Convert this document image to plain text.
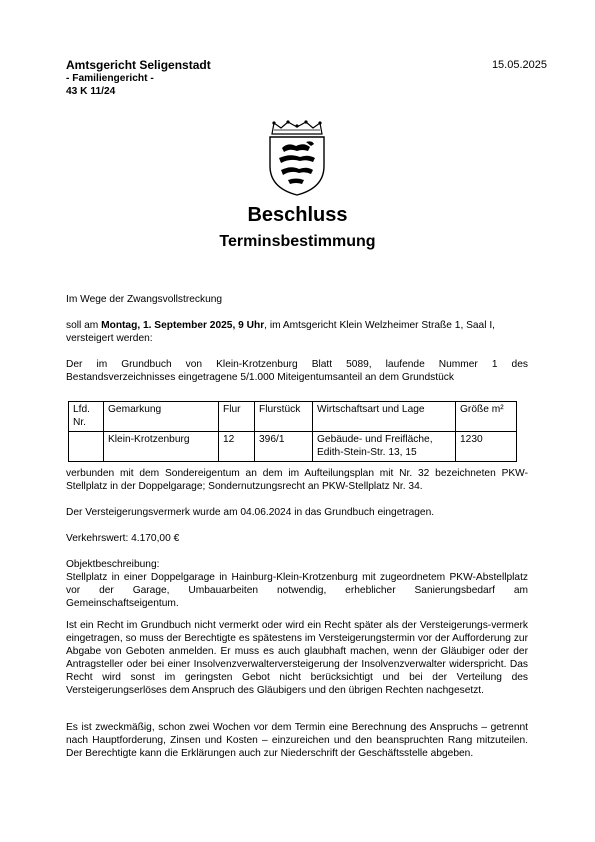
Amtsgericht Seligenstadt
- Familiengericht -
43 K 11/24
15.05.2025
Beschluss
Terminsbestimmung
Im Wege der Zwangsvollstreckung
soll am Montag, 1. September 2025, 9 Uhr, im Amtsgericht Klein Welzheimer Straße 1, Saal I, versteigert werden:
Der im Grundbuch von Klein-Krotzenburg Blatt 5089, laufende Nummer 1 des Bestandsverzeichnisses eingetragene 5/1.000 Miteigentumsanteil an dem Grundstück
Lfd. Nr.	Gemarkung	Flur	Flurstück	Wirtschaftsart und Lage	Größe m²
	Klein-Krotzenburg	12	396/1	Gebäude- und Freifläche, Edith-Stein-Str. 13, 15	1230
verbunden mit dem Sondereigentum an dem im Aufteilungsplan mit Nr. 32 bezeichneten PKW-Stellplatz in der Doppelgarage; Sondernutzungsrecht an PKW-Stellplatz Nr. 34.
Der Versteigerungsvermerk wurde am 04.06.2024 in das Grundbuch eingetragen.
Verkehrswert: 4.170,00 €
Objektbeschreibung:
Stellplatz in einer Doppelgarage in Hainburg-Klein-Krotzenburg mit zugeordnetem PKW-Abstellplatz vor der Garage, Umbauarbeiten notwendig, erheblicher Sanierungsbedarf am Gemeinschaftseigentum.
Ist ein Recht im Grundbuch nicht vermerkt oder wird ein Recht später als der Versteigerungs-vermerk eingetragen, so muss der Berechtigte es spätestens im Versteigerungstermin vor der Aufforderung zur Abgabe von Geboten anmelden. Er muss es auch glaubhaft machen, wenn der Gläubiger oder der Antragsteller oder bei einer Insolvenzverwalterversteigerung der Insolvenzverwalter widerspricht. Das Recht wird sonst im geringsten Gebot nicht berücksichtigt und bei der Verteilung des Versteigerungserlöses dem Anspruch des Gläubigers und den übrigen Rechten nachgesetzt.
Es ist zweckmäßig, schon zwei Wochen vor dem Termin eine Berechnung des Anspruchs – getrennt nach Hauptforderung, Zinsen und Kosten – einzureichen und den beanspruchten Rang mitzuteilen. Der Berechtigte kann die Erklärungen auch zur Niederschrift der Geschäftsstelle abgeben.
